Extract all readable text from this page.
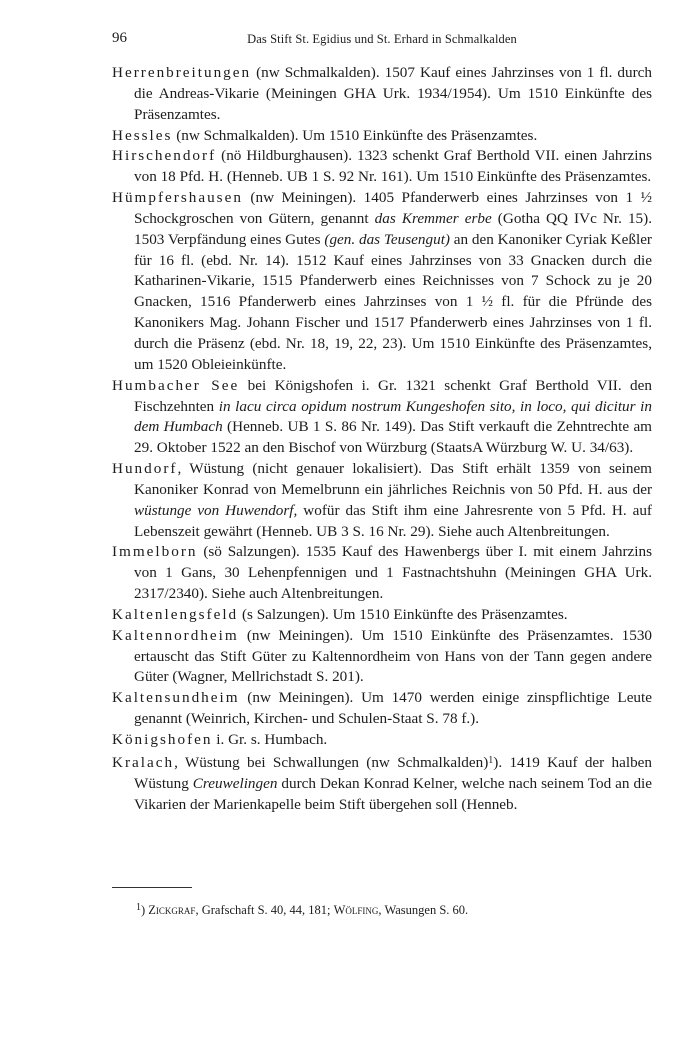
96	Das Stift St. Egidius und St. Erhard in Schmalkalden

Herrenbreitungen (nw Schmalkalden). 1507 Kauf eines Jahrzinses von 1 fl. durch die Andreas-Vikarie (Meiningen GHA Urk. 1934/1954). Um 1510 Einkünfte des Präsenzamtes.

Hessles (nw Schmalkalden). Um 1510 Einkünfte des Präsenzamtes.

Hirschendorf (nö Hildburghausen). 1323 schenkt Graf Berthold VII. einen Jahrzins von 18 Pfd. H. (Henneb. UB 1 S. 92 Nr. 161). Um 1510 Einkünfte des Präsenzamtes.

Hümpfershausen (nw Meiningen). 1405 Pfanderwerb eines Jahrzinses von 1 ½ Schockgroschen von Gütern, genannt das Kremmer erbe (Gotha QQ IVc Nr. 15). 1503 Verpfändung eines Gutes (gen. das Teusengut) an den Kanoniker Cyriak Keßler für 16 fl. (ebd. Nr. 14). 1512 Kauf eines Jahrzinses von 33 Gnacken durch die Katharinen-Vikarie, 1515 Pfanderwerb eines Reichnisses von 7 Schock zu je 20 Gnacken, 1516 Pfanderwerb eines Jahrzinses von 1 ½ fl. für die Pfründe des Kanonikers Mag. Johann Fischer und 1517 Pfanderwerb eines Jahrzinses von 1 fl. durch die Präsenz (ebd. Nr. 18, 19, 22, 23). Um 1510 Einkünfte des Präsenzamtes, um 1520 Obleieinkünfte.

Humbacher See bei Königshofen i. Gr. 1321 schenkt Graf Berthold VII. den Fischzehnten in lacu circa opidum nostrum Kungeshofen sito, in loco, qui dicitur in dem Humbach (Henneb. UB 1 S. 86 Nr. 149). Das Stift verkauft die Zehntrechte am 29. Oktober 1522 an den Bischof von Würzburg (StaatsA Würzburg W. U. 34/63).

Hundorf, Wüstung (nicht genauer lokalisiert). Das Stift erhält 1359 von seinem Kanoniker Konrad von Memelbrunn ein jährliches Reichnis von 50 Pfd. H. aus der wüstunge von Huwendorf, wofür das Stift ihm eine Jahresrente von 5 Pfd. H. auf Lebenszeit gewährt (Henneb. UB 3 S. 16 Nr. 29). Siehe auch Altenbreitungen.

Immelborn (sö Salzungen). 1535 Kauf des Hawenbergs über I. mit einem Jahrzins von 1 Gans, 30 Lehenpfennigen und 1 Fastnachtshuhn (Meiningen GHA Urk. 2317/2340). Siehe auch Altenbreitungen.

Kaltenlengsfeld (s Salzungen). Um 1510 Einkünfte des Präsenzamtes.

Kaltennordheim (nw Meiningen). Um 1510 Einkünfte des Präsenzamtes. 1530 ertauscht das Stift Güter zu Kaltennordheim von Hans von der Tann gegen andere Güter (Wagner, Mellrichstadt S. 201).

Kaltensundheim (nw Meiningen). Um 1470 werden einige zinspflichtige Leute genannt (Weinrich, Kirchen- und Schulen-Staat S. 78 f.).

Königshofen i. Gr. s. Humbach.

Kralach, Wüstung bei Schwallungen (nw Schmalkalden)$^1$). 1419 Kauf der halben Wüstung Creuwelingen durch Dekan Konrad Kelner, welche nach seinem Tod an die Vikarien der Marienkapelle beim Stift übergehen soll (Henneb.

$^1$) Zickgraf, Grafschaft S. 40, 44, 181; Wölfing, Wasungen S. 60.
